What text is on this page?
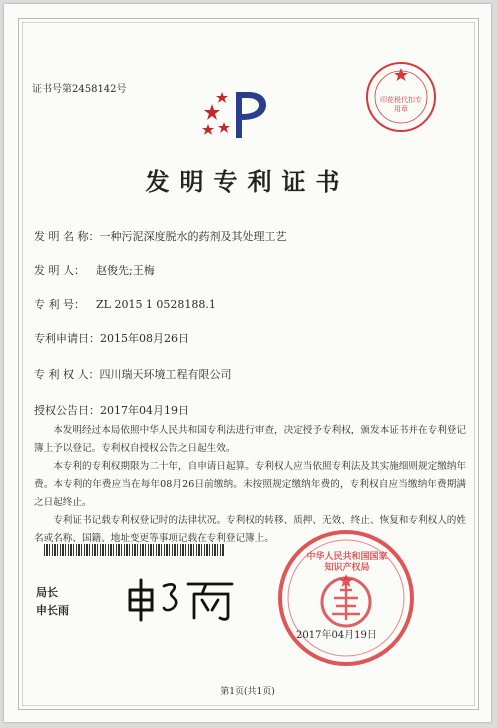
证书号第2458142号
印花税代扣专用章
发明专利证书
发 明 名 称：一种污泥深度脱水的药剂及其处理工艺
发 明 人： 赵俊先;王梅
专 利 号： ZL 2015 1 0528188.1
专利申请日：2015年08月26日
专 利 权 人：四川瑞天环境工程有限公司
授权公告日：2017年04月19日
本发明经过本局依照中华人民共和国专利法进行审查，决定授予专利权，颁发本证书并在专利登记簿上予以登记。专利权自授权公告之日起生效。
本专利的专利权期限为二十年，自申请日起算。专利权人应当依照专利法及其实施细则规定缴纳年费。本专利的年费应当在每年08月26日前缴纳。未按照规定缴纳年费的，专利权自应当缴纳年费期满之日起终止。
专利证书记载专利权登记时的法律状况。专利权的转移、质押、无效、终止、恢复和专利权人的姓名或名称、国籍、地址变更等事项记载在专利登记簿上。
局长
申长雨
中华人民共和国国家知识产权局
2017年04月19日
第1页(共1页)
